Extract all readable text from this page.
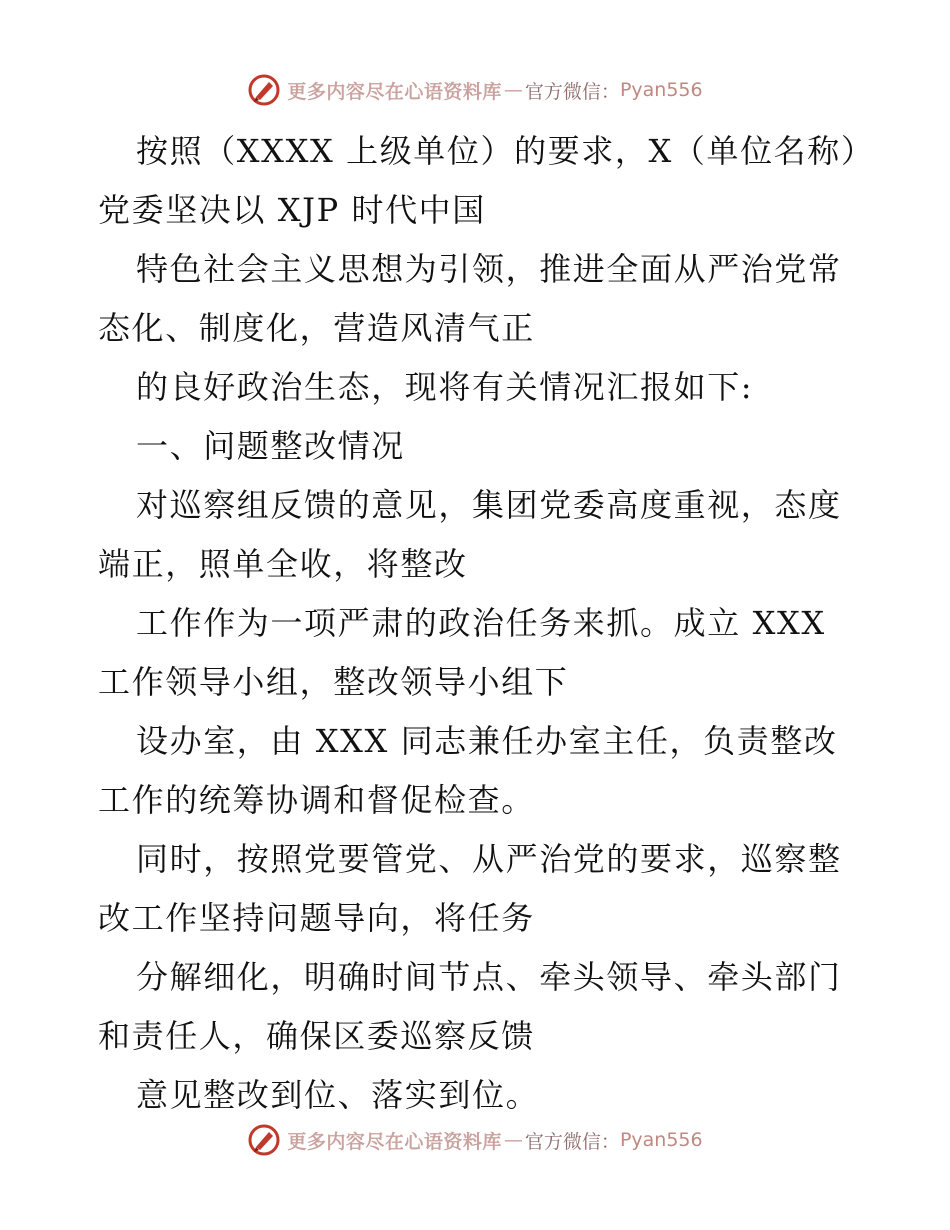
更多内容尽在心语资料库 — 官方微信： Pyan556
按照（XXXX 上级单位）的要求，X（单位名称）
党委坚决以 XJP 时代中国
特色社会主义思想为引领，推进全面从严治党常
态化、制度化，营造风清气正
的良好政治生态，现将有关情况汇报如下:
一、问题整改情况
对巡察组反馈的意见，集团党委高度重视，态度
端正，照单全收，将整改
工作作为一项严肃的政治任务来抓。成立 XXX
工作领导小组，整改领导小组下
设办室，由 XXX 同志兼任办室主任，负责整改
工作的统筹协调和督促检查。
同时，按照党要管党、从严治党的要求，巡察整
改工作坚持问题导向，将任务
分解细化，明确时间节点、牵头领导、牵头部门
和责任人，确保区委巡察反馈
意见整改到位、落实到位。
更多内容尽在心语资料库 — 官方微信： Pyan556
